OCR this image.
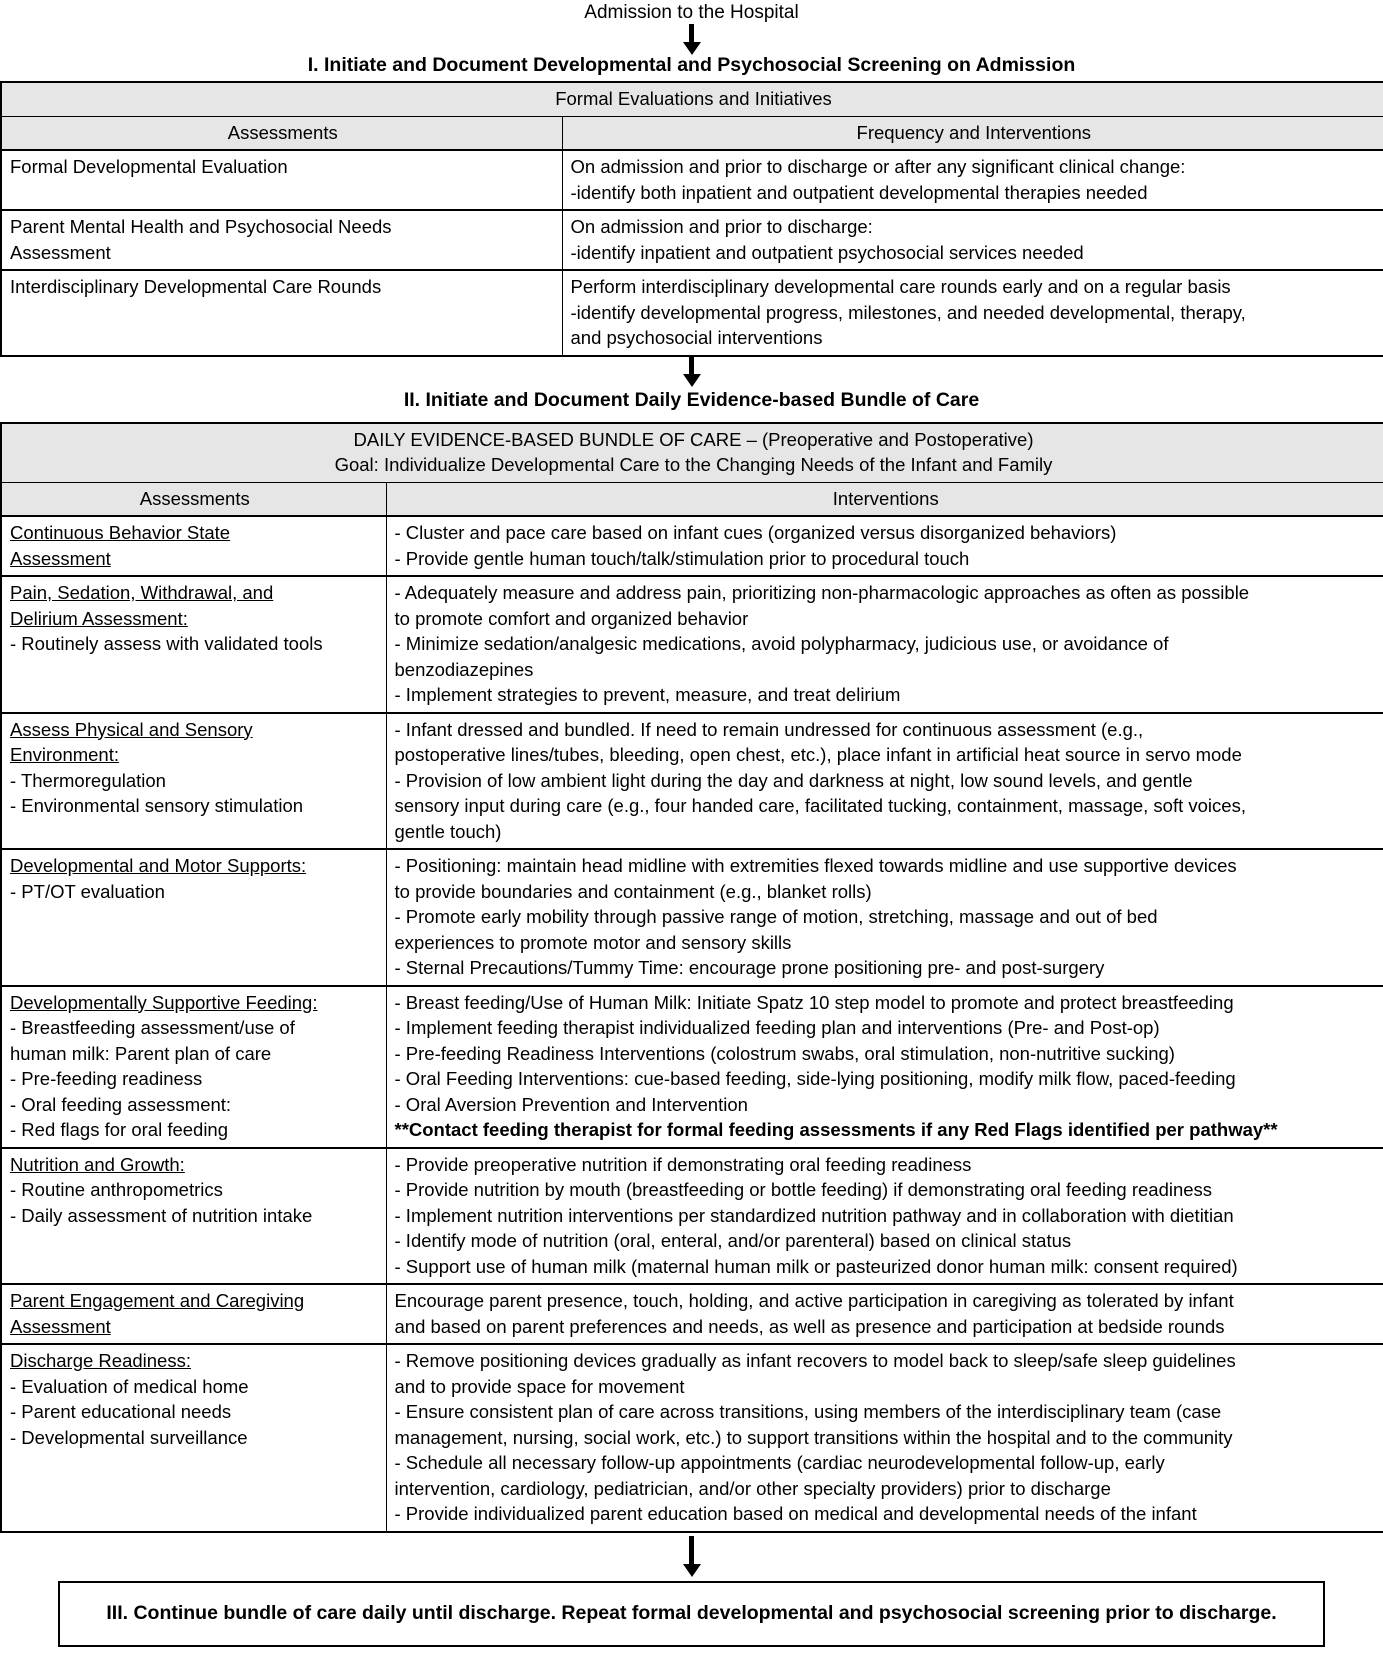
Admission to the Hospital
I. Initiate and Document Developmental and Psychosocial Screening on Admission
Formal Evaluations and Initiatives	
Assessments	Frequency and Interventions

Formal Developmental Evaluation	On admission and prior to discharge or after any significant clinical change:
-identify both inpatient and outpatient developmental therapies needed

Parent Mental Health and Psychosocial Needs
Assessment	On admission and prior to discharge:
-identify inpatient and outpatient psychosocial services needed

Interdisciplinary Developmental Care Rounds	Perform interdisciplinary developmental care rounds early and on a regular basis
-identify developmental progress, milestones, and needed developmental, therapy,
and psychosocial interventions
II. Initiate and Document Daily Evidence-based Bundle of Care
DAILY EVIDENCE-BASED BUNDLE OF CARE – (Preoperative and Postoperative)
Goal: Individualize Developmental Care to the Changing Needs of the Infant and Family	

Assessments	Interventions

Continuous Behavior State
Assessment	- Cluster and pace care based on infant cues (organized versus disorganized behaviors)
- Provide gentle human touch/talk/stimulation prior to procedural touch

Pain, Sedation, Withdrawal, and
Delirium Assessment:
- Routinely assess with validated tools

- Adequately measure and address pain, prioritizing non-pharmacologic approaches as often as possible
to promote comfort and organized behavior
- Minimize sedation/analgesic medications, avoid polypharmacy, judicious use, or avoidance of
benzodiazepines
- Implement strategies to prevent, measure, and treat delirium

Assess Physical and Sensory
Environment:
- Thermoregulation
- Environmental sensory stimulation

- Infant dressed and bundled. If need to remain undressed for continuous assessment (e.g.,
postoperative lines/tubes, bleeding, open chest, etc.), place infant in artificial heat source in servo mode
- Provision of low ambient light during the day and darkness at night, low sound levels, and gentle
sensory input during care (e.g., four handed care, facilitated tucking, containment, massage, soft voices,
gentle touch)

Developmental and Motor Supports:
- PT/OT evaluation	- Positioning: maintain head midline with extremities flexed towards midline and use supportive devices
to provide boundaries and containment (e.g., blanket rolls)
- Promote early mobility through passive range of motion, stretching, massage and out of bed
experiences to promote motor and sensory skills
- Sternal Precautions/Tummy Time: encourage prone positioning pre- and post-surgery

Developmentally Supportive Feeding:
- Breastfeeding assessment/use of
human milk: Parent plan of care
- Pre-feeding readiness
- Oral feeding assessment:
- Red flags for oral feeding

- Breast feeding/Use of Human Milk: Initiate Spatz 10 step model to promote and protect breastfeeding
- Implement feeding therapist individualized feeding plan and interventions (Pre- and Post-op)
- Pre-feeding Readiness Interventions (colostrum swabs, oral stimulation, non-nutritive sucking)
- Oral Feeding Interventions: cue-based feeding, side-lying positioning, modify milk flow, paced-feeding
- Oral Aversion Prevention and Intervention
**Contact feeding therapist for formal feeding assessments if any Red Flags identified per pathway**

Nutrition and Growth:
- Routine anthropometrics
- Daily assessment of nutrition intake

- Provide preoperative nutrition if demonstrating oral feeding readiness
- Provide nutrition by mouth (breastfeeding or bottle feeding) if demonstrating oral feeding readiness
- Implement nutrition interventions per standardized nutrition pathway and in collaboration with dietitian
- Identify mode of nutrition (oral, enteral, and/or parenteral) based on clinical status
- Support use of human milk (maternal human milk or pasteurized donor human milk: consent required)

Parent Engagement and Caregiving
Assessment	Encourage parent presence, touch, holding, and active participation in caregiving as tolerated by infant
and based on parent preferences and needs, as well as presence and participation at bedside rounds

Discharge Readiness:
- Evaluation of medical home
- Parent educational needs
- Developmental surveillance

- Remove positioning devices gradually as infant recovers to model back to sleep/safe sleep guidelines
and to provide space for movement
- Ensure consistent plan of care across transitions, using members of the interdisciplinary team (case
management, nursing, social work, etc.) to support transitions within the hospital and to the community
- Schedule all necessary follow-up appointments (cardiac neurodevelopmental follow-up, early
intervention, cardiology, pediatrician, and/or other specialty providers) prior to discharge
- Provide individualized parent education based on medical and developmental needs of the infant
III. Continue bundle of care daily until discharge. Repeat formal developmental and psychosocial screening prior to discharge.
